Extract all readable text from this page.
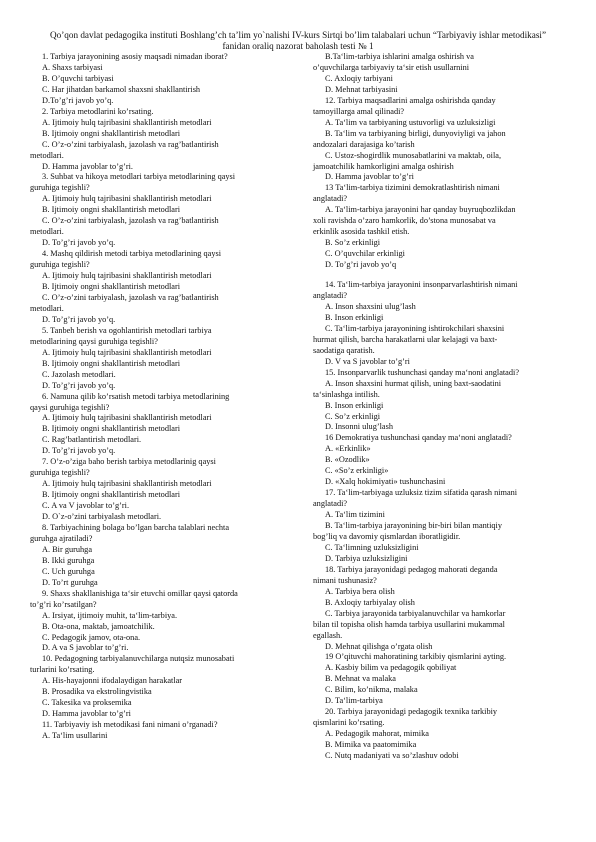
Qo’qon davlat pedagogika instituti Boshlang’ch ta’lim yo`nalishi IV-kurs Sirtqi bo’lim talabalari uchun “Tarbiyaviy ishlar metodikasi” fanidan oraliq nazorat baholash testi № 1

1. Tarbiya jarayonining asosiy maqsadi nimadan iborat?

A. Shaxs tarbiyasi

B. O’quvchi tarbiyasi

C. Har jihatdan barkamol shaxsni shakllantirish

D.To’g’ri javob yo’q.

2. Tarbiya metodlarini ko’rsating.

A. Ijtimoiy hulq tajribasini shakllantirish metodlari

B. Ijtimoiy ongni shakllantirish metodlari

C. O’z-o’zini tarbiyalash, jazolash va rag’batlantirish

metodlari.

D. Hamma javoblar to’g’ri.

3. Suhbat va hikoya metodlari tarbiya metodlarining qaysi

guruhiga tegishli?

A. Ijtimoiy hulq tajribasini shakllantirish metodlari

B. Ijtimoiy ongni shakllantirish metodlari

C. O’z-o’zini tarbiyalash, jazolash va rag’batlantirish

metodlari.

D. To’g’ri javob yo’q.

4. Mashq qildirish metodi tarbiya metodlarining qaysi

guruhiga tegishli?

A. Ijtimoiy hulq tajribasini shakllantirish metodlari

B. Ijtimoiy ongni shakllantirish metodlari

C. O’z-o’zini tarbiyalash, jazolash va rag’batlantirish

metodlari.

D. To’g’ri javob yo’q.

5. Tanbeh berish va ogohlantirish metodlari tarbiya

metodlarining qaysi guruhiga tegishli?

A. Ijtimoiy hulq tajribasini shakllantirish metodlari

B. Ijtimoiy ongni shakllantirish metodlari

C. Jazolash metodlari.

D. To’g’ri javob yo’q.

6. Namuna qilib ko’rsatish metodi tarbiya metodlarining

qaysi guruhiga tegishli?

A. Ijtimoiy hulq tajribasini shakllantirish metodlari

B. Ijtimoiy ongni shakllantirish metodlari

C. Rag’batlantirish metodlari.

D. To’g’ri javob yo’q.

7. O’z-o’ziga baho berish tarbiya metodlarinig qaysi

guruhiga tegishli?

A. Ijtimoiy hulq tajribasini shakllantirish metodlari

B. Ijtimoiy ongni shakllantirish metodlari

C. A va V javoblar to’g’ri.

D. O`z-o’zini tarbiyalash metodlari.

8. Tarbiyachining bolaga bo’lgan barcha talablari nechta

guruhga ajratiladi?

A. Bir guruhga

B. Ikki guruhga

C. Uch guruhga

D. To’rt guruhga

9. Shaxs shakllanishiga ta‘sir etuvchi omillar qaysi qatorda

to’g’ri ko’rsatilgan?

A. Irsiyat, ijtimoiy muhit, ta‘lim-tarbiya.

B. Ota-ona, maktab, jamoatchilik.

C. Pedagogik jamov, ota-ona.

D. A va S javoblar to’g’ri.

10. Pedagogning tarbiyalanuvchilarga nutqsiz munosabati

turlarini ko’rsating.

A. His-hayajonni ifodalaydigan harakatlar

B. Prosadika va ekstrolingvistika

C. Takesika va proksemika

D. Hamma javoblar to’g’ri

11. Tarbiyaviy ish metodikasi fani nimani o’rganadi?

A. Ta‘lim usullarini

B.Ta‘lim-tarbiya ishlarini amalga oshirish va

o’quvchilarga tarbiyaviy ta‘sir etish usullarnini

C. Axloqiy tarbiyani

D. Mehnat tarbiyasini

12. Tarbiya maqsadlarini amalga oshirishda qanday

tamoyillarga amal qilinadi?

A. Ta‘lim va tarbiyaning ustuvorligi va uzluksizligi

B. Ta‘lim va tarbiyaning birligi, dunyoviyligi va jahon

andozalari darajasiga ko’tarish

C. Ustoz-shogirdlik munosabatlarini va maktab, oila,

jamoatchilik hamkorligini amalga oshirish

D. Hamma javoblar to’g’ri

13 Ta‘lim-tarbiya tizimini demokratlashtirish nimani

anglatadi?

A. Ta‘lim-tarbiya jarayonini har qanday buyruqbozlikdan

xoli ravishda o’zaro hamkorlik, do’stona munosabat va

erkinlik asosida tashkil etish.

B. So’z erkinligi

C. O’quvchilar erkinligi

D. To’g’ri javob yo’q

14. Ta‘lim-tarbiya jarayonini insonparvarlashtirish nimani

anglatadi?

A. Inson shaxsini ulug’lash

B. Inson erkinligi

C. Ta‘lim-tarbiya jarayonining ishtirokchilari shaxsini

hurmat qilish, barcha harakatlarni ular kelajagi va baxt-

saodatiga qaratish.

D. V va S javoblar to’g’ri

15. Insonparvarlik tushunchasi qanday ma‘noni anglatadi?

A. Inson shaxsini hurmat qilish, uning baxt-saodatini

ta‘sinlashga intilish.

B. Inson erkinligi

C. So’z erkinligi

D. Insonni ulug’lash

16 Demokratiya tushunchasi qanday ma‘noni anglatadi?

A. «Erkinlik»

B. «Ozodlik»

C. «So’z erkinligi»

D. «Xalq hokimiyati» tushunchasini

17. Ta‘lim-tarbiyaga uzluksiz tizim sifatida qarash nimani

anglatadi?

A. Ta‘lim tizimini

B. Ta‘lim-tarbiya jarayonining bir-biri bilan mantiqiy

bog’liq va davomiy qismlardan iboratligidir.

C. Ta‘limning uzluksizligini

D. Tarbiya uzluksizligini

18. Tarbiya jarayonidagi pedagog mahorati deganda

nimani tushunasiz?

A. Tarbiya bera olish

B. Axloqiy tarbiyalay olish

C. Tarbiya jarayonida tarbiyalanuvchilar va hamkorlar

bilan til topisha olish hamda tarbiya usullarini mukammal

egallash.

D. Mehnat qilishga o’rgata olish

19 O’qituvchi mahoratining tarkibiy qismlarini ayting.

A. Kasbiy bilim va pedagogik qobiliyat

B. Mehnat va malaka

C. Bilim, ko’nikma, malaka

D. Ta‘lim-tarbiya

20. Tarbiya jarayonidagi pedagogik texnika tarkibiy

qismlarini ko’rsating.

A. Pedagogik mahorat, mimika

B. Mimika va paatomimika

C. Nutq madaniyati va so’zlashuv odobi
